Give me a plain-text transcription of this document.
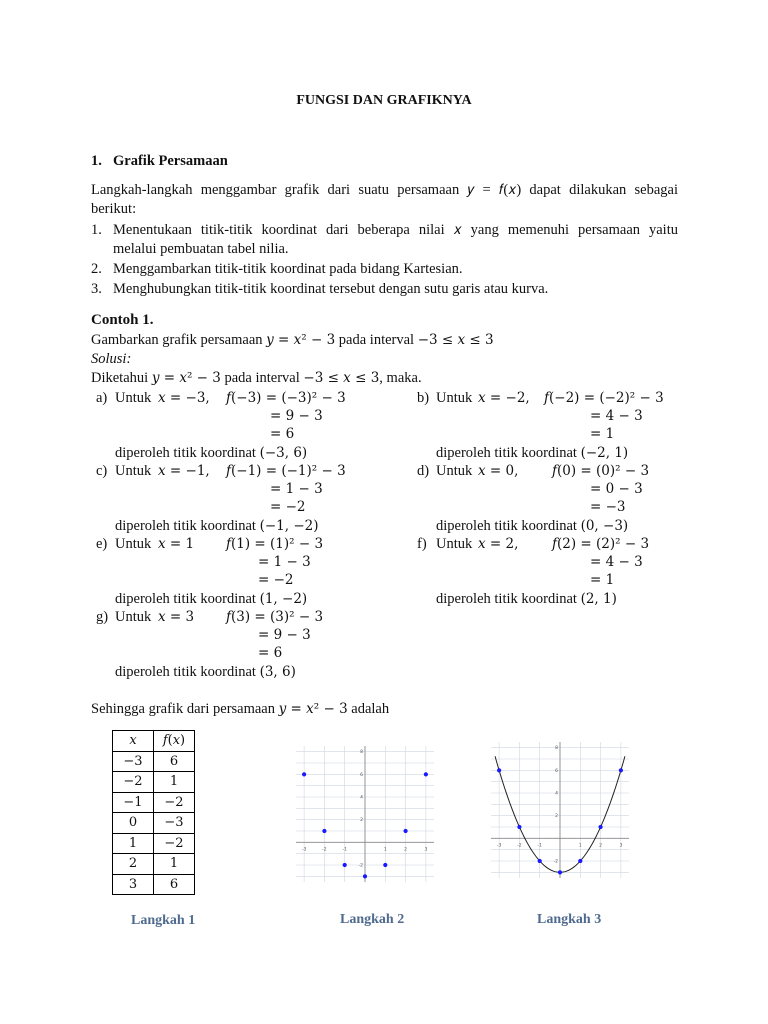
FUNGSI DAN GRAFIKNYA
1. Grafik Persamaan
Langkah-langkah menggambar grafik dari suatu persamaan 𝑦 = 𝑓(𝑥) dapat dilakukan sebagai
berikut:
1. Menentukaan titik-titik koordinat dari beberapa nilai 𝑥 yang memenuhi persamaan yaitu
melalui pembuatan tabel nilia.
2. Menggambarkan titik-titik koordinat pada bidang Kartesian.
3. Menghubungkan titik-titik koordinat tersebut dengan sutu garis atau kurva.
Contoh 1.
Gambarkan grafik persamaan 𝑦 = 𝑥² − 3 pada interval −3 ≤ 𝑥 ≤ 3
Solusi:
Diketahui 𝑦 = 𝑥² − 3 pada interval −3 ≤ 𝑥 ≤ 3, maka.
a) Untuk 𝑥 = −3, 𝑓(−3) = (−3)² − 3
= 9 − 3
= 6
diperoleh titik koordinat (−3, 6)
b) Untuk 𝑥 = −2, 𝑓(−2) = (−2)² − 3
= 4 − 3
= 1
diperoleh titik koordinat (−2, 1)
c) Untuk 𝑥 = −1, 𝑓(−1) = (−1)² − 3
= 1 − 3
= −2
diperoleh titik koordinat (−1, −2)
d) Untuk 𝑥 = 0, 𝑓(0) = (0)² − 3
= 0 − 3
= −3
diperoleh titik koordinat (0, −3)
e) Untuk 𝑥 = 1 𝑓(1) = (1)² − 3
= 1 − 3
= −2
diperoleh titik koordinat (1, −2)
f) Untuk 𝑥 = 2, 𝑓(2) = (2)² − 3
= 4 − 3
= 1
diperoleh titik koordinat (2, 1)
g) Untuk 𝑥 = 3 𝑓(3) = (3)² − 3
= 9 − 3
= 6
diperoleh titik koordinat (3, 6)
Sehingga grafik dari persamaan 𝑦 = 𝑥² − 3 adalah
𝑥	𝑓(𝑥)
−3	6
−2	1
−1	−2
0	−3
1	−2
2	1
3	6
-3	-2	-1	1	2	3
-2
2
4
6
8
-3	-2	-1	1	2	3
-2
2
4
6
8
Langkah 1	Langkah 2	Langkah 3
